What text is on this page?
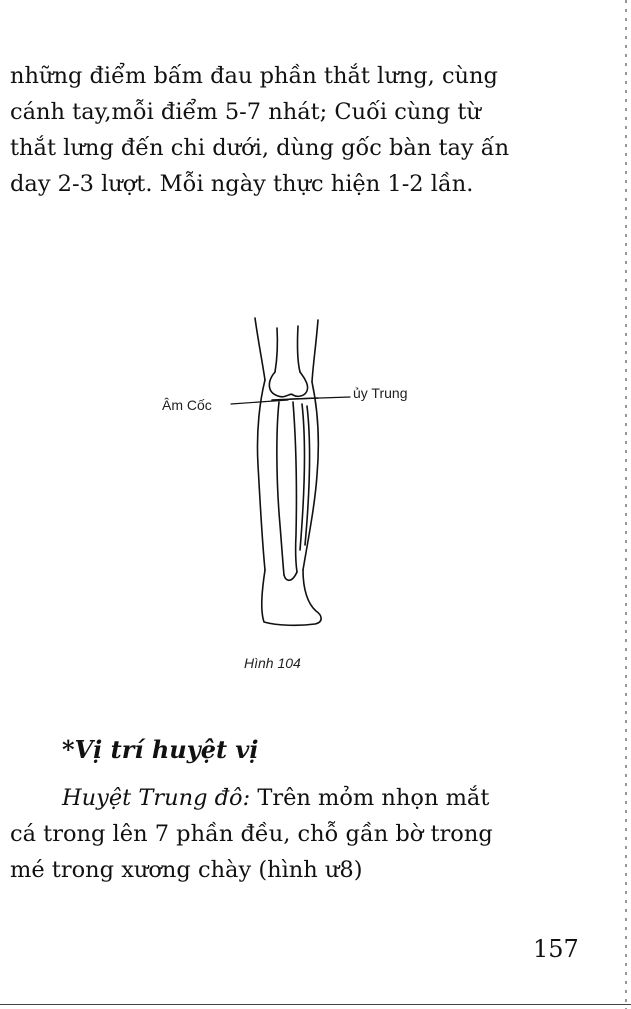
những điểm bấm đau phần thắt lưng, cùng
cánh tay,mỗi điểm 5-7 nhát; Cuối cùng từ
thắt lưng đến chi dưới, dùng gốc bàn tay ấn
day 2-3 lượt. Mỗi ngày thực hiện 1-2 lần.
Âm Cốc
ủy Trung
Hình 104
*Vị trí huyệt vị
Huyệt Trung đô: Trên mỏm nhọn mắt
cá trong lên 7 phần đều, chỗ gần bờ trong
mé trong xương chày (hình ư8)
157
